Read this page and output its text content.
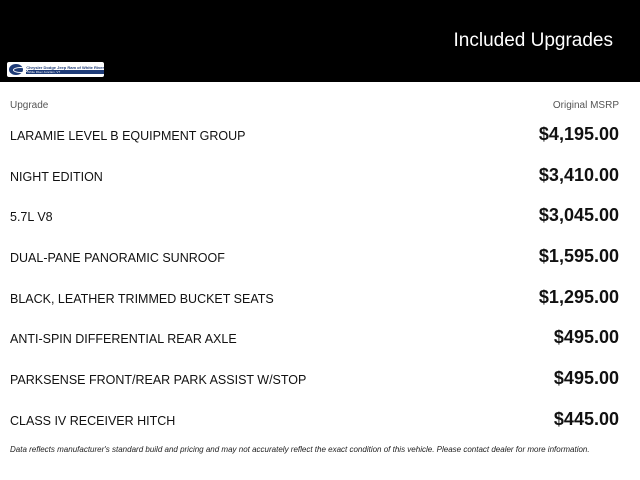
Included Upgrades
Chrysler Dodge Jeep Ram of White River
White River Junction, VT
Upgrade	Original MSRP
LARAMIE LEVEL B EQUIPMENT GROUP	$4,195.00
NIGHT EDITION	$3,410.00
5.7L V8	$3,045.00
DUAL-PANE PANORAMIC SUNROOF	$1,595.00
BLACK, LEATHER TRIMMED BUCKET SEATS	$1,295.00
ANTI-SPIN DIFFERENTIAL REAR AXLE	$495.00
PARKSENSE FRONT/REAR PARK ASSIST W/STOP	$495.00
CLASS IV RECEIVER HITCH	$445.00
Data reflects manufacturer's standard build and pricing and may not accurately reflect the exact condition of this vehicle. Please contact dealer for more information.
